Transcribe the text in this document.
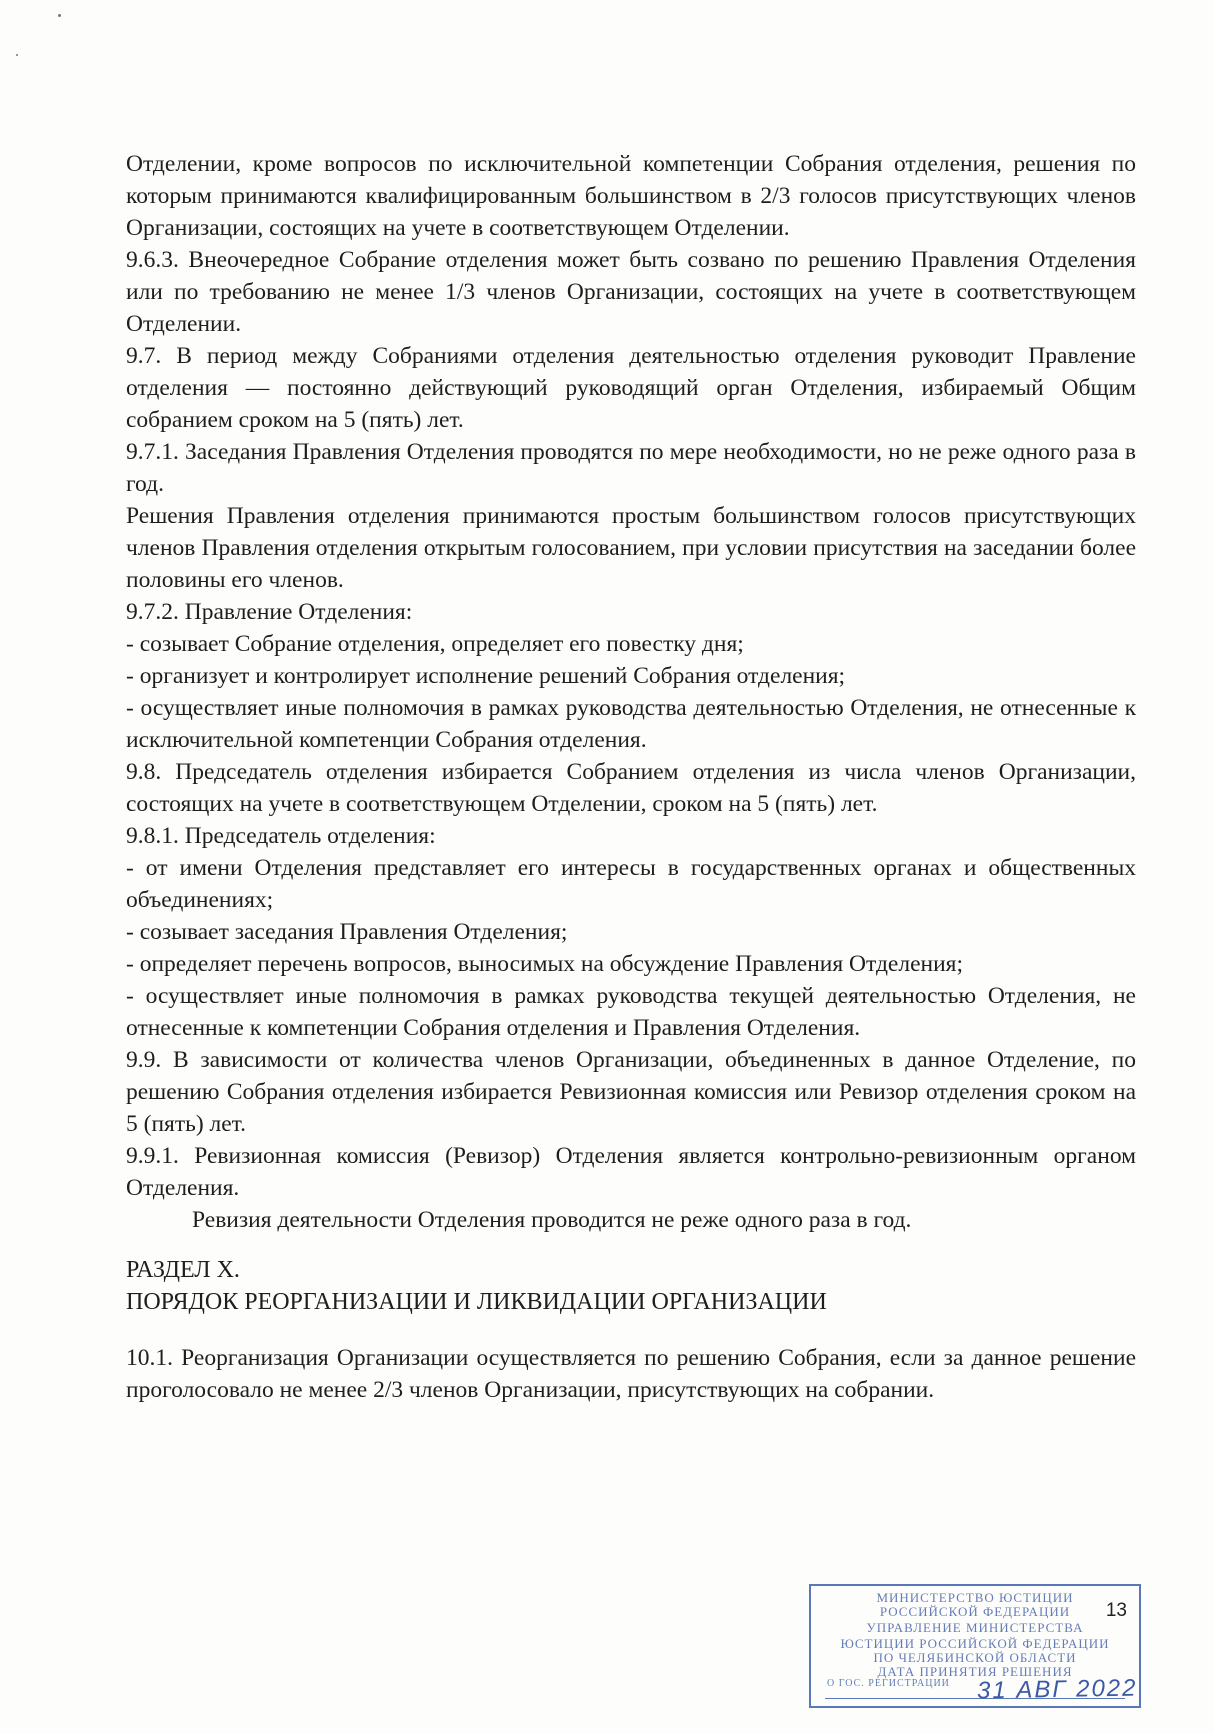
Отделении, кроме вопросов по исключительной компетенции Собрания отделения, решения по которым принимаются квалифицированным большинством в 2/3 голосов присутствующих членов Организации, состоящих на учете в соответствующем Отделении.

9.6.3. Внеочередное Собрание отделения может быть созвано по решению Правления Отделения или по требованию не менее 1/3 членов Организации, состоящих на учете в соответствующем Отделении.

9.7. В период между Собраниями отделения деятельностью отделения руководит Правление отделения — постоянно действующий руководящий орган Отделения, избираемый Общим собранием сроком на 5 (пять) лет.

9.7.1. Заседания Правления Отделения проводятся по мере необходимости, но не реже одного раза в год.

Решения Правления отделения принимаются простым большинством голосов присутствующих членов Правления отделения открытым голосованием, при условии присутствия на заседании более половины его членов.

9.7.2. Правление Отделения:

- созывает Собрание отделения, определяет его повестку дня;

- организует и контролирует исполнение решений Собрания отделения;

- осуществляет иные полномочия в рамках руководства деятельностью Отделения, не отнесенные к исключительной компетенции Собрания отделения.

9.8. Председатель отделения избирается Собранием отделения из числа членов Организации, состоящих на учете в соответствующем Отделении, сроком на 5 (пять) лет.

9.8.1. Председатель отделения:

- от имени Отделения представляет его интересы в государственных органах и общественных объединениях;

- созывает заседания Правления Отделения;

- определяет перечень вопросов, выносимых на обсуждение Правления Отделения;

- осуществляет иные полномочия в рамках руководства текущей деятельностью Отделения, не отнесенные к компетенции Собрания отделения и Правления Отделения.

9.9. В зависимости от количества членов Организации, объединенных в данное Отделение, по решению Собрания отделения избирается Ревизионная комиссия или Ревизор отделения сроком на 5 (пять) лет.

9.9.1. Ревизионная комиссия (Ревизор) Отделения является контрольно-ревизионным органом Отделения.

Ревизия деятельности Отделения проводится не реже одного раза в год.

РАЗДЕЛ X.

ПОРЯДОК РЕОРГАНИЗАЦИИ И ЛИКВИДАЦИИ ОРГАНИЗАЦИИ

10.1. Реорганизация Организации осуществляется по решению Собрания, если за данное решение проголосовало не менее 2/3 членов Организации, присутствующих на собрании.

МИНИСТЕРСТВО ЮСТИЦИИ
РОССИЙСКОЙ ФЕДЕРАЦИИ
УПРАВЛЕНИЕ МИНИСТЕРСТВА
ЮСТИЦИИ РОССИЙСКОЙ ФЕДЕРАЦИИ
ПО ЧЕЛЯБИНСКОЙ ОБЛАСТИ
ДАТА ПРИНЯТИЯ РЕШЕНИЯ
О ГОС. РЕГИСТРАЦИИ
13
31 АВГ 2022
